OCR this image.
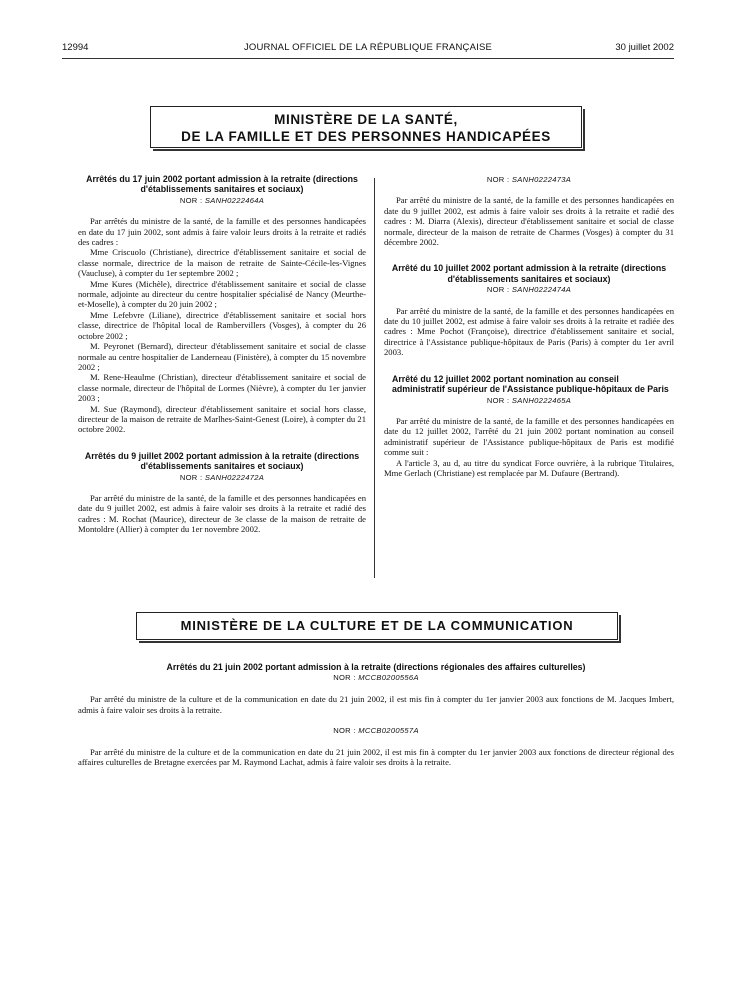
12994	JOURNAL OFFICIEL DE LA RÉPUBLIQUE FRANÇAISE	30 juillet 2002
MINISTÈRE DE LA SANTÉ,
DE LA FAMILLE ET DES PERSONNES HANDICAPÉES

Arrêtés du 17 juin 2002 portant admission à la retraite (directions d'établissements sanitaires et sociaux)

NOR : SANH0222464A

Par arrêtés du ministre de la santé, de la famille et des personnes handicapées en date du 17 juin 2002, sont admis à faire valoir leurs droits à la retraite et radiés des cadres :

Mme Criscuolo (Christiane), directrice d'établissement sanitaire et social de classe normale, directrice de la maison de retraite de Sainte-Cécile-les-Vignes (Vaucluse), à compter du 1er septembre 2002 ;

Mme Kures (Michèle), directrice d'établissement sanitaire et social de classe normale, adjointe au directeur du centre hospitalier spécialisé de Nancy (Meurthe-et-Moselle), à compter du 20 juin 2002 ;

Mme Lefebvre (Liliane), directrice d'établissement sanitaire et social hors classe, directrice de l'hôpital local de Rambervillers (Vosges), à compter du 26 octobre 2002 ;

M. Peyronet (Bernard), directeur d'établissement sanitaire et social de classe normale au centre hospitalier de Landerneau (Finistère), à compter du 15 novembre 2002 ;

M. Rene-Heaulme (Christian), directeur d'établissement sanitaire et social de classe normale, directeur de l'hôpital de Lormes (Nièvre), à compter du 1er janvier 2003 ;

M. Sue (Raymond), directeur d'établissement sanitaire et social hors classe, directeur de la maison de retraite de Marlhes-Saint-Genest (Loire), à compter du 21 octobre 2002.

Arrêtés du 9 juillet 2002 portant admission à la retraite (directions d'établissements sanitaires et sociaux)

NOR : SANH0222472A

Par arrêté du ministre de la santé, de la famille et des personnes handicapées en date du 9 juillet 2002, est admis à faire valoir ses droits à la retraite et radié des cadres : M. Rochat (Maurice), directeur de 3e classe de la maison de retraite de Montoldre (Allier) à compter du 1er novembre 2002.

NOR : SANH0222473A

Par arrêté du ministre de la santé, de la famille et des personnes handicapées en date du 9 juillet 2002, est admis à faire valoir ses droits à la retraite et radié des cadres : M. Diarra (Alexis), directeur d'établissement sanitaire et social de classe normale, directeur de la maison de retraite de Charmes (Vosges) à compter du 31 décembre 2002.

Arrêté du 10 juillet 2002 portant admission à la retraite (directions d'établissements sanitaires et sociaux)

NOR : SANH0222474A

Par arrêté du ministre de la santé, de la famille et des personnes handicapées en date du 10 juillet 2002, est admise à faire valoir ses droits à la retraite et radiée des cadres : Mme Pochot (Françoise), directrice d'établissement sanitaire et social, directrice à l'Assistance publique-hôpitaux de Paris (Paris) à compter du 1er avril 2003.

Arrêté du 12 juillet 2002 portant nomination au conseil administratif supérieur de l'Assistance publique-hôpitaux de Paris

NOR : SANH0222465A

Par arrêté du ministre de la santé, de la famille et des personnes handicapées en date du 12 juillet 2002, l'arrêté du 21 juin 2002 portant nomination au conseil administratif supérieur de l'Assistance publique-hôpitaux de Paris est modifié comme suit :

A l'article 3, au d, au titre du syndicat Force ouvrière, à la rubrique Titulaires, Mme Gerlach (Christiane) est remplacée par M. Dufaure (Bertrand).

MINISTÈRE DE LA CULTURE ET DE LA COMMUNICATION

Arrêtés du 21 juin 2002 portant admission à la retraite (directions régionales des affaires culturelles)

NOR : MCCB0200556A

Par arrêté du ministre de la culture et de la communication en date du 21 juin 2002, il est mis fin à compter du 1er janvier 2003 aux fonctions de M. Jacques Imbert, admis à faire valoir ses droits à la retraite.

NOR : MCCB0200557A

Par arrêté du ministre de la culture et de la communication en date du 21 juin 2002, il est mis fin à compter du 1er janvier 2003 aux fonctions de directeur régional des affaires culturelles de Bretagne exercées par M. Raymond Lachat, admis à faire valoir ses droits à la retraite.
